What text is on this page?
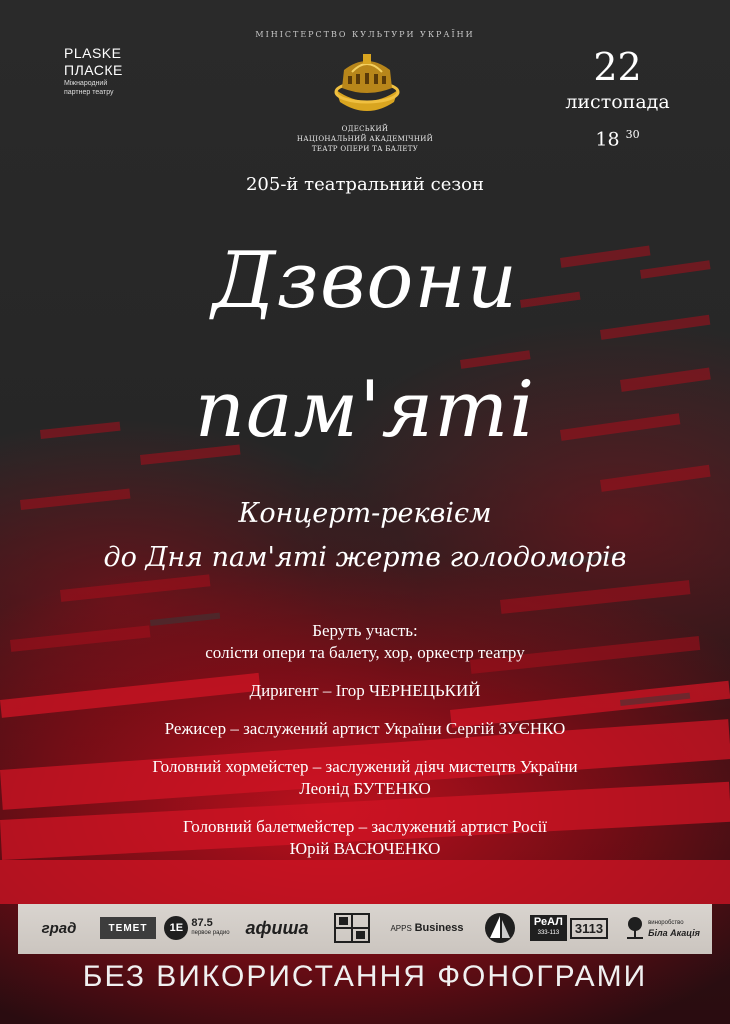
МІНІСТЕРСТВО КУЛЬТУРИ УКРАЇНИ
PLASKE
ПЛАСКЕ
Міжнародний
партнер театру
ОДЕСЬКИЙ
НАЦІОНАЛЬНИЙ АКАДЕМІЧНИЙ
ТЕАТР ОПЕРИ ТА БАЛЕТУ
22
листопада
18 $^{30}$
205-й театральний сезон
Дзвони
пам'яті
Концерт-реквієм
до Дня пам'яті жертв голодоморів

Беруть участь:

солісти опери та балету, хор, оркестр театру

Диригент – Ігор ЧЕРНЕЦЬКИЙ

Режисер – заслужений артист України Сергій ЗУЄНКО

Головний хормейстер – заслужений діяч мистецтв України

Леонід БУТЕНКО

Головний балетмейстер – заслужений артист Росії

Юрій ВАСЮЧЕНКО

град	TEMET	1E 87.5
первое радио афиша	APPS
Business	РеАЛ
333-113	3113	виноробство
Біла Акація
БЕЗ ВИКОРИСТАННЯ ФОНОГРАМИ
